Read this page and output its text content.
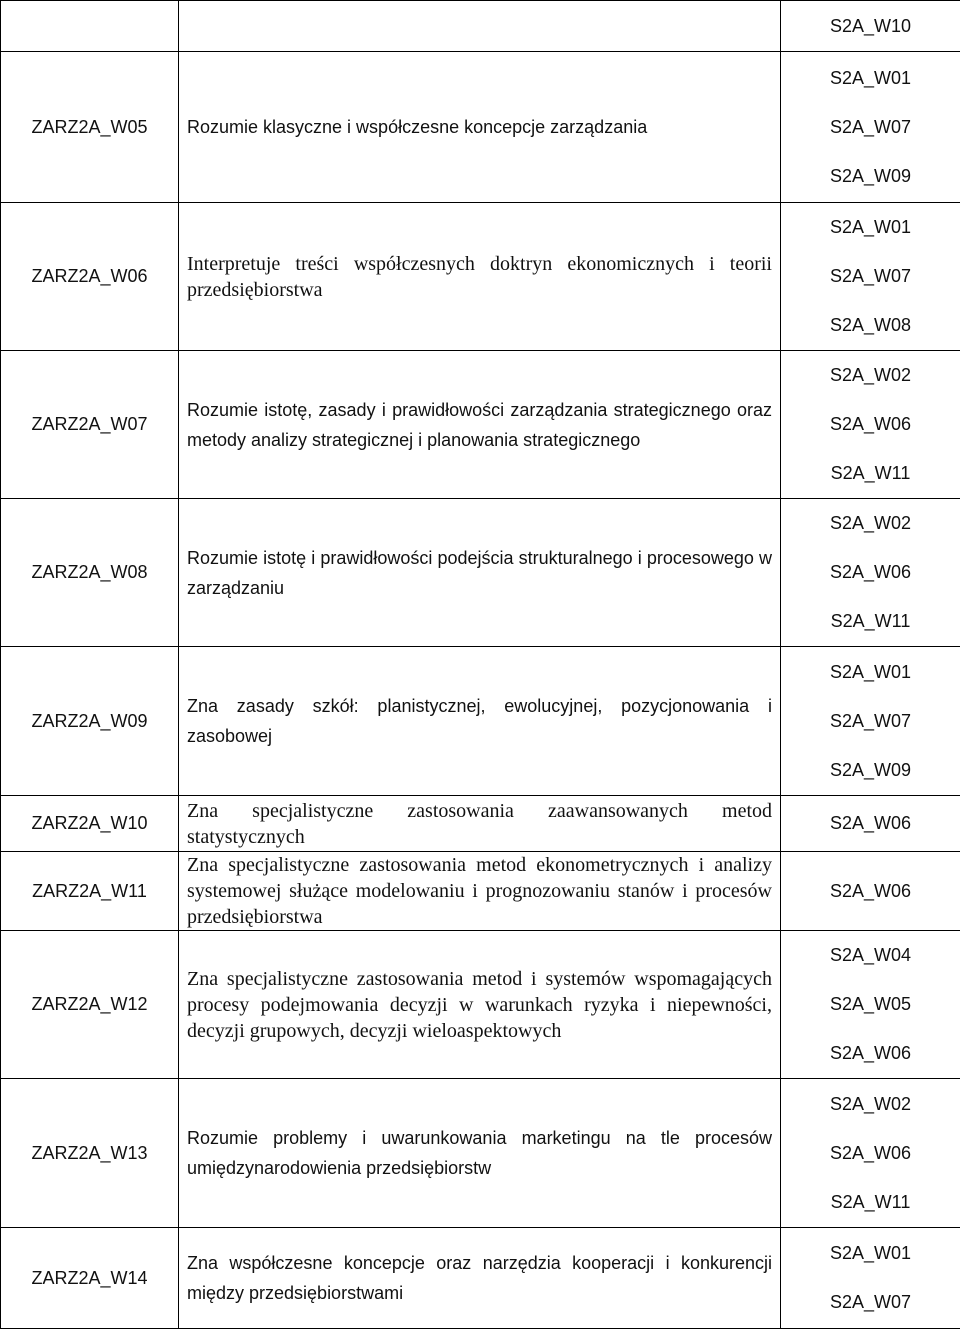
		S2A_W10

ZARZ2A_W05	Rozumie klasyczne i współczesne koncepcje zarządzania	S2A_W01
S2A_W07
S2A_W09

ZARZ2A_W06	Interpretuje treści współczesnych doktryn ekonomicznych i teorii przedsiębiorstwa	S2A_W01
S2A_W07
S2A_W08

ZARZ2A_W07	Rozumie istotę, zasady i prawidłowości zarządzania strategicznego oraz metody analizy strategicznej i planowania strategicznego	S2A_W02
S2A_W06
S2A_W11

ZARZ2A_W08	Rozumie istotę i prawidłowości podejścia strukturalnego i procesowego w zarządzaniu	S2A_W02
S2A_W06
S2A_W11

ZARZ2A_W09	Zna zasady szkół: planistycznej, ewolucyjnej, pozycjonowania i zasobowej	S2A_W01
S2A_W07
S2A_W09

ZARZ2A_W10	Zna specjalistyczne zastosowania zaawansowanych metod statystycznych	S2A_W06

ZARZ2A_W11	Zna specjalistyczne zastosowania metod ekonometrycznych i analizy systemowej służące modelowaniu i prognozowaniu stanów i procesów przedsiębiorstwa	S2A_W06

ZARZ2A_W12	Zna specjalistyczne zastosowania metod i systemów wspomagających procesy podejmowania decyzji w warunkach ryzyka i niepewności, decyzji grupowych, decyzji wieloaspektowych	S2A_W04
S2A_W05
S2A_W06

ZARZ2A_W13	Rozumie problemy i uwarunkowania marketingu na tle procesów umiędzynarodowienia przedsiębiorstw	S2A_W02
S2A_W06
S2A_W11

ZARZ2A_W14	Zna współczesne koncepcje oraz narzędzia kooperacji i konkurencji między przedsiębiorstwami	S2A_W01
S2A_W07
